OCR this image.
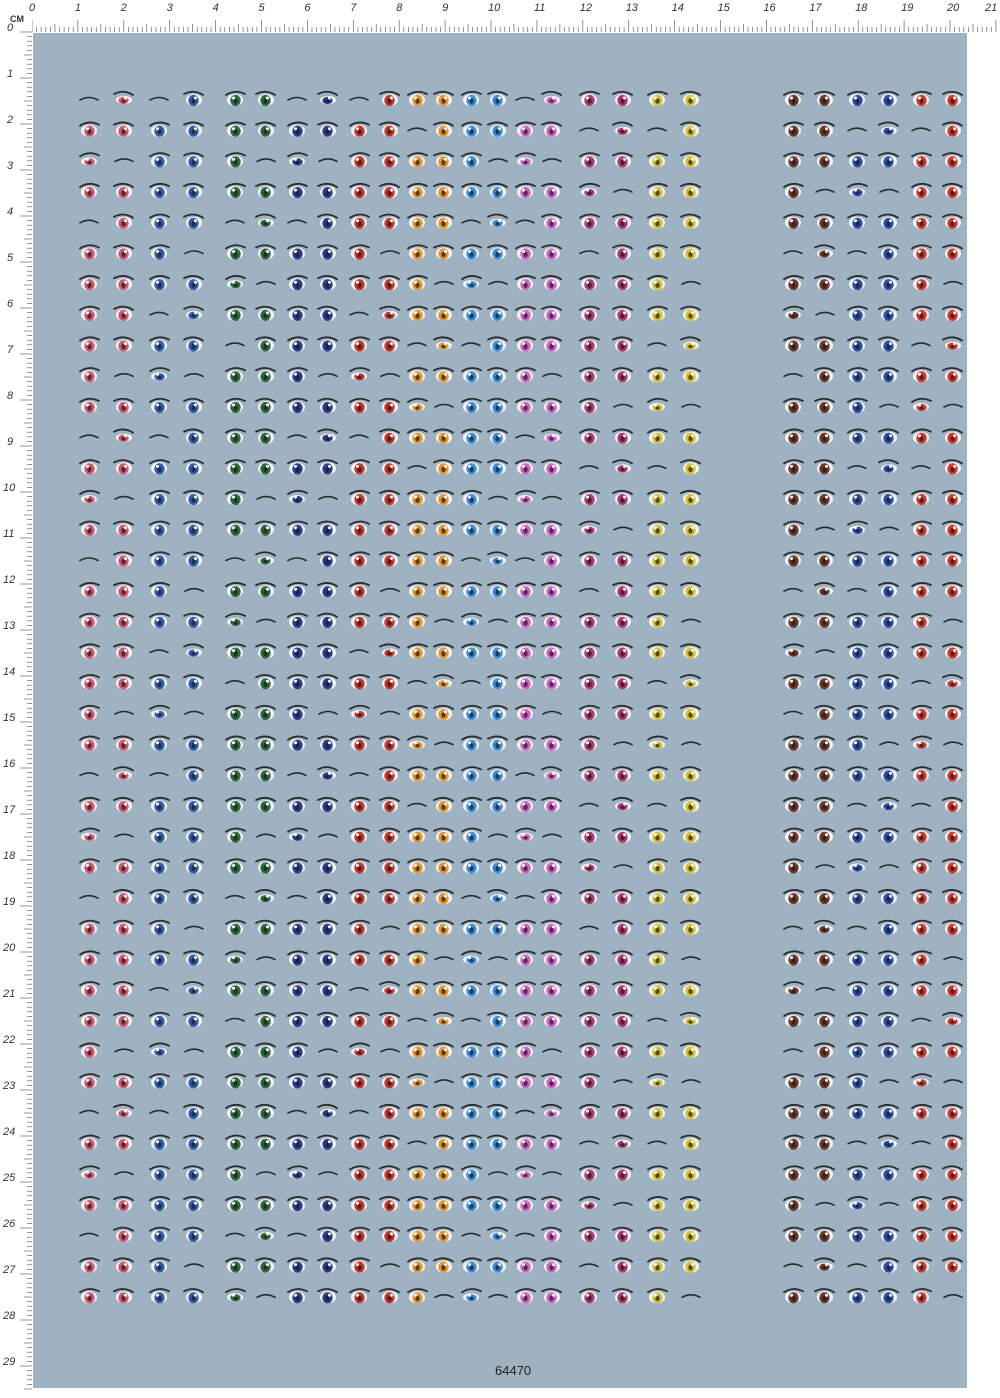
CM
0	1	2	3	4	5	6	7	8	9	10	11	12	13	14	15	16	17	18	19	20 21
0
1
2
3
4
5
6
7
8
9
10
11
12
13
14
15
16
17
18
19
20
21
22
23
24
25
26
27
28
29
64470
